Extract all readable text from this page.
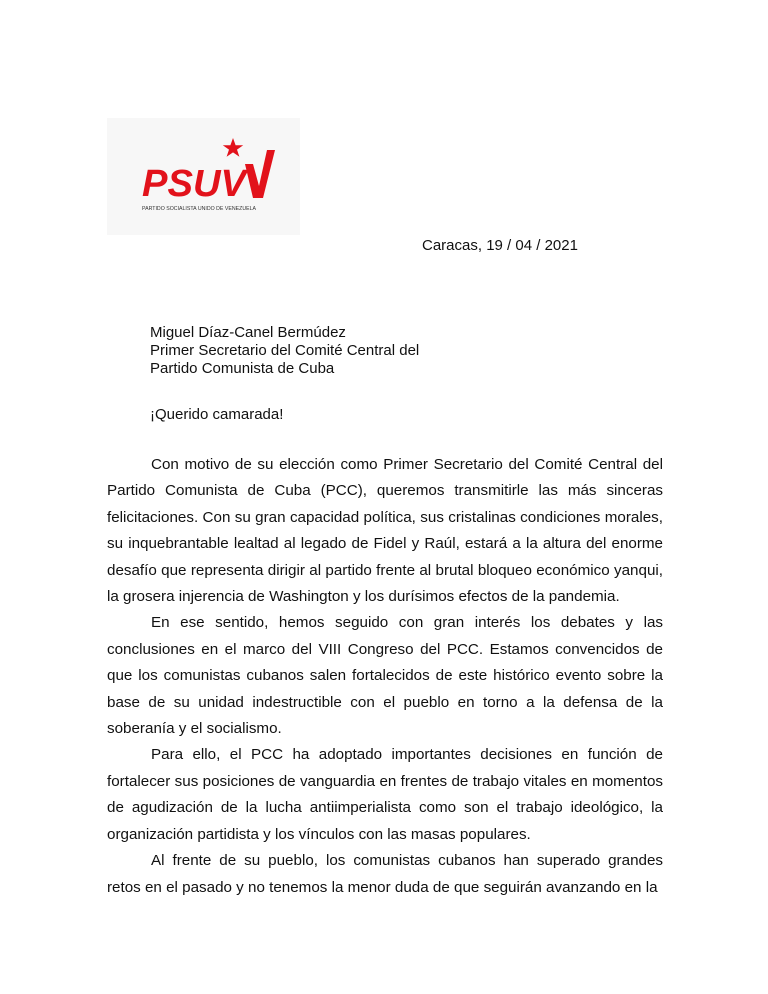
PSUV
PARTIDO SOCIALISTA UNIDO DE VENEZUELA
Caracas, 19 / 04 / 2021
Miguel Díaz-Canel Bermúdez
Primer Secretario del Comité Central del
Partido Comunista de Cuba
¡Querido camarada!

Con motivo de su elección como Primer Secretario del Comité Central del Partido Comunista de Cuba (PCC), queremos transmitirle las más sinceras felicitaciones. Con su gran capacidad política, sus cristalinas condiciones morales, su inquebrantable lealtad al legado de Fidel y Raúl, estará a la altura del enorme desafío que representa dirigir al partido frente al brutal bloqueo económico yanqui, la grosera injerencia de Washington y los durísimos efectos de la pandemia.

En ese sentido, hemos seguido con gran interés los debates y las conclusiones en el marco del VIII Congreso del PCC. Estamos convencidos de que los comunistas cubanos salen fortalecidos de este histórico evento sobre la base de su unidad indestructible con el pueblo en torno a la defensa de la soberanía y el socialismo.

Para ello, el PCC ha adoptado importantes decisiones en función de fortalecer sus posiciones de vanguardia en frentes de trabajo vitales en momentos de agudización de la lucha antiimperialista como son el trabajo ideológico, la organización partidista y los vínculos con las masas populares.

Al frente de su pueblo, los comunistas cubanos han superado grandes retos en el pasado y no tenemos la menor duda de que seguirán avanzando en la
